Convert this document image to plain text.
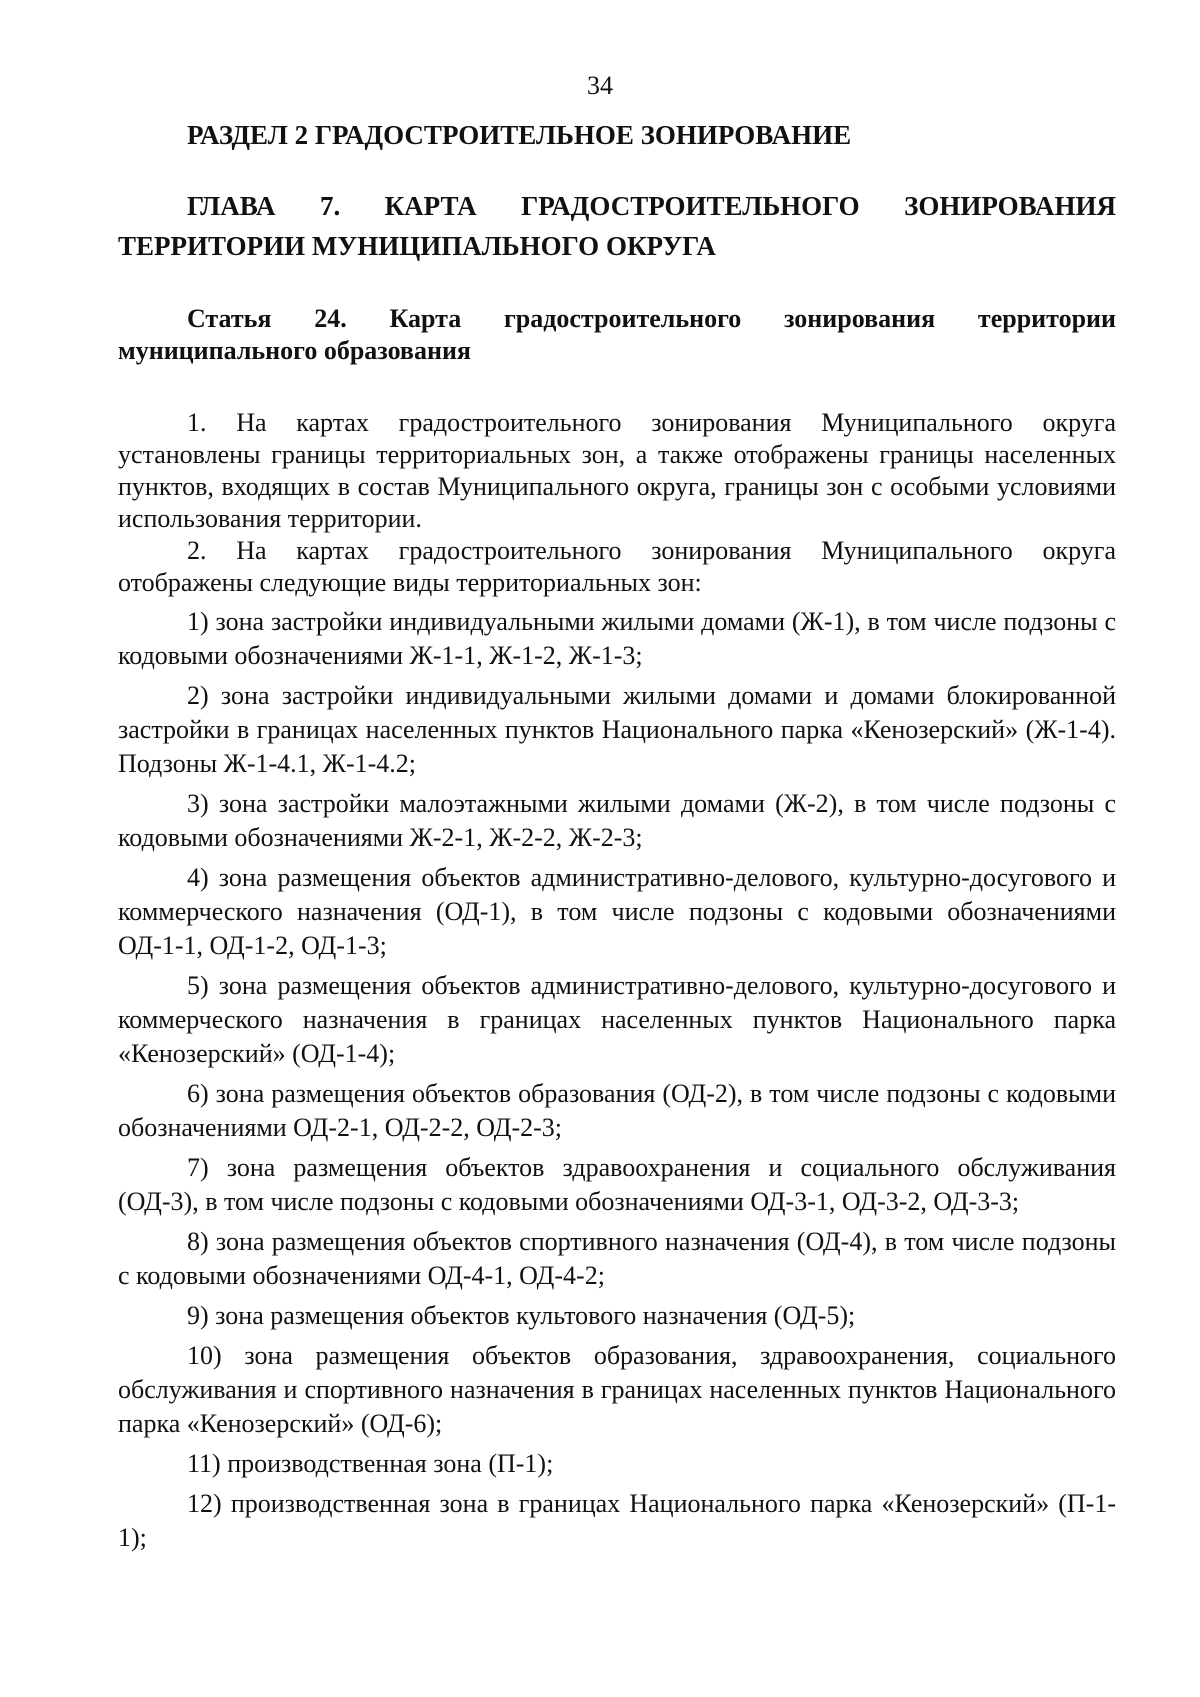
34
РАЗДЕЛ 2 ГРАДОСТРОИТЕЛЬНОЕ ЗОНИРОВАНИЕ
ГЛАВА 7. КАРТА ГРАДОСТРОИТЕЛЬНОГО ЗОНИРОВАНИЯ ТЕРРИТОРИИ МУНИЦИПАЛЬНОГО ОКРУГА
Статья 24. Карта градостроительного зонирования территории муниципального образования

1. На картах градостроительного зонирования Муниципального округа установлены границы территориальных зон, а также отображены границы населенных пунктов, входящих в состав Муниципального округа, границы зон с особыми условиями использования территории.

2. На картах градостроительного зонирования Муниципального округа отображены следующие виды территориальных зон:

1) зона застройки индивидуальными жилыми домами (Ж-1), в том числе подзоны с кодовыми обозначениями Ж-1-1, Ж-1-2, Ж-1-3;

2) зона застройки индивидуальными жилыми домами и домами блокированной застройки в границах населенных пунктов Национального парка «Кенозерский» (Ж-1-4). Подзоны Ж-1-4.1, Ж-1-4.2;

3) зона застройки малоэтажными жилыми домами (Ж-2), в том числе подзоны с кодовыми обозначениями Ж-2-1, Ж-2-2, Ж-2-3;

4) зона размещения объектов административно-делового, культурно-досугового и коммерческого назначения (ОД-1), в том числе подзоны с кодовыми обозначениями ОД-1-1, ОД-1-2, ОД-1-3;

5) зона размещения объектов административно-делового, культурно-досугового и коммерческого назначения в границах населенных пунктов Национального парка «Кенозерский» (ОД-1-4);

6) зона размещения объектов образования (ОД-2), в том числе подзоны с кодовыми обозначениями ОД-2-1, ОД-2-2, ОД-2-3;

7) зона размещения объектов здравоохранения и социального обслуживания (ОД-3), в том числе подзоны с кодовыми обозначениями ОД-3-1, ОД-3-2, ОД-3-3;

8) зона размещения объектов спортивного назначения (ОД-4), в том числе подзоны с кодовыми обозначениями ОД-4-1, ОД-4-2;

9) зона размещения объектов культового назначения (ОД-5);

10) зона размещения объектов образования, здравоохранения, социального обслуживания и спортивного назначения в границах населенных пунктов Национального парка «Кенозерский» (ОД-6);

11) производственная зона (П-1);

12) производственная зона в границах Национального парка «Кенозерский» (П-1-1);
